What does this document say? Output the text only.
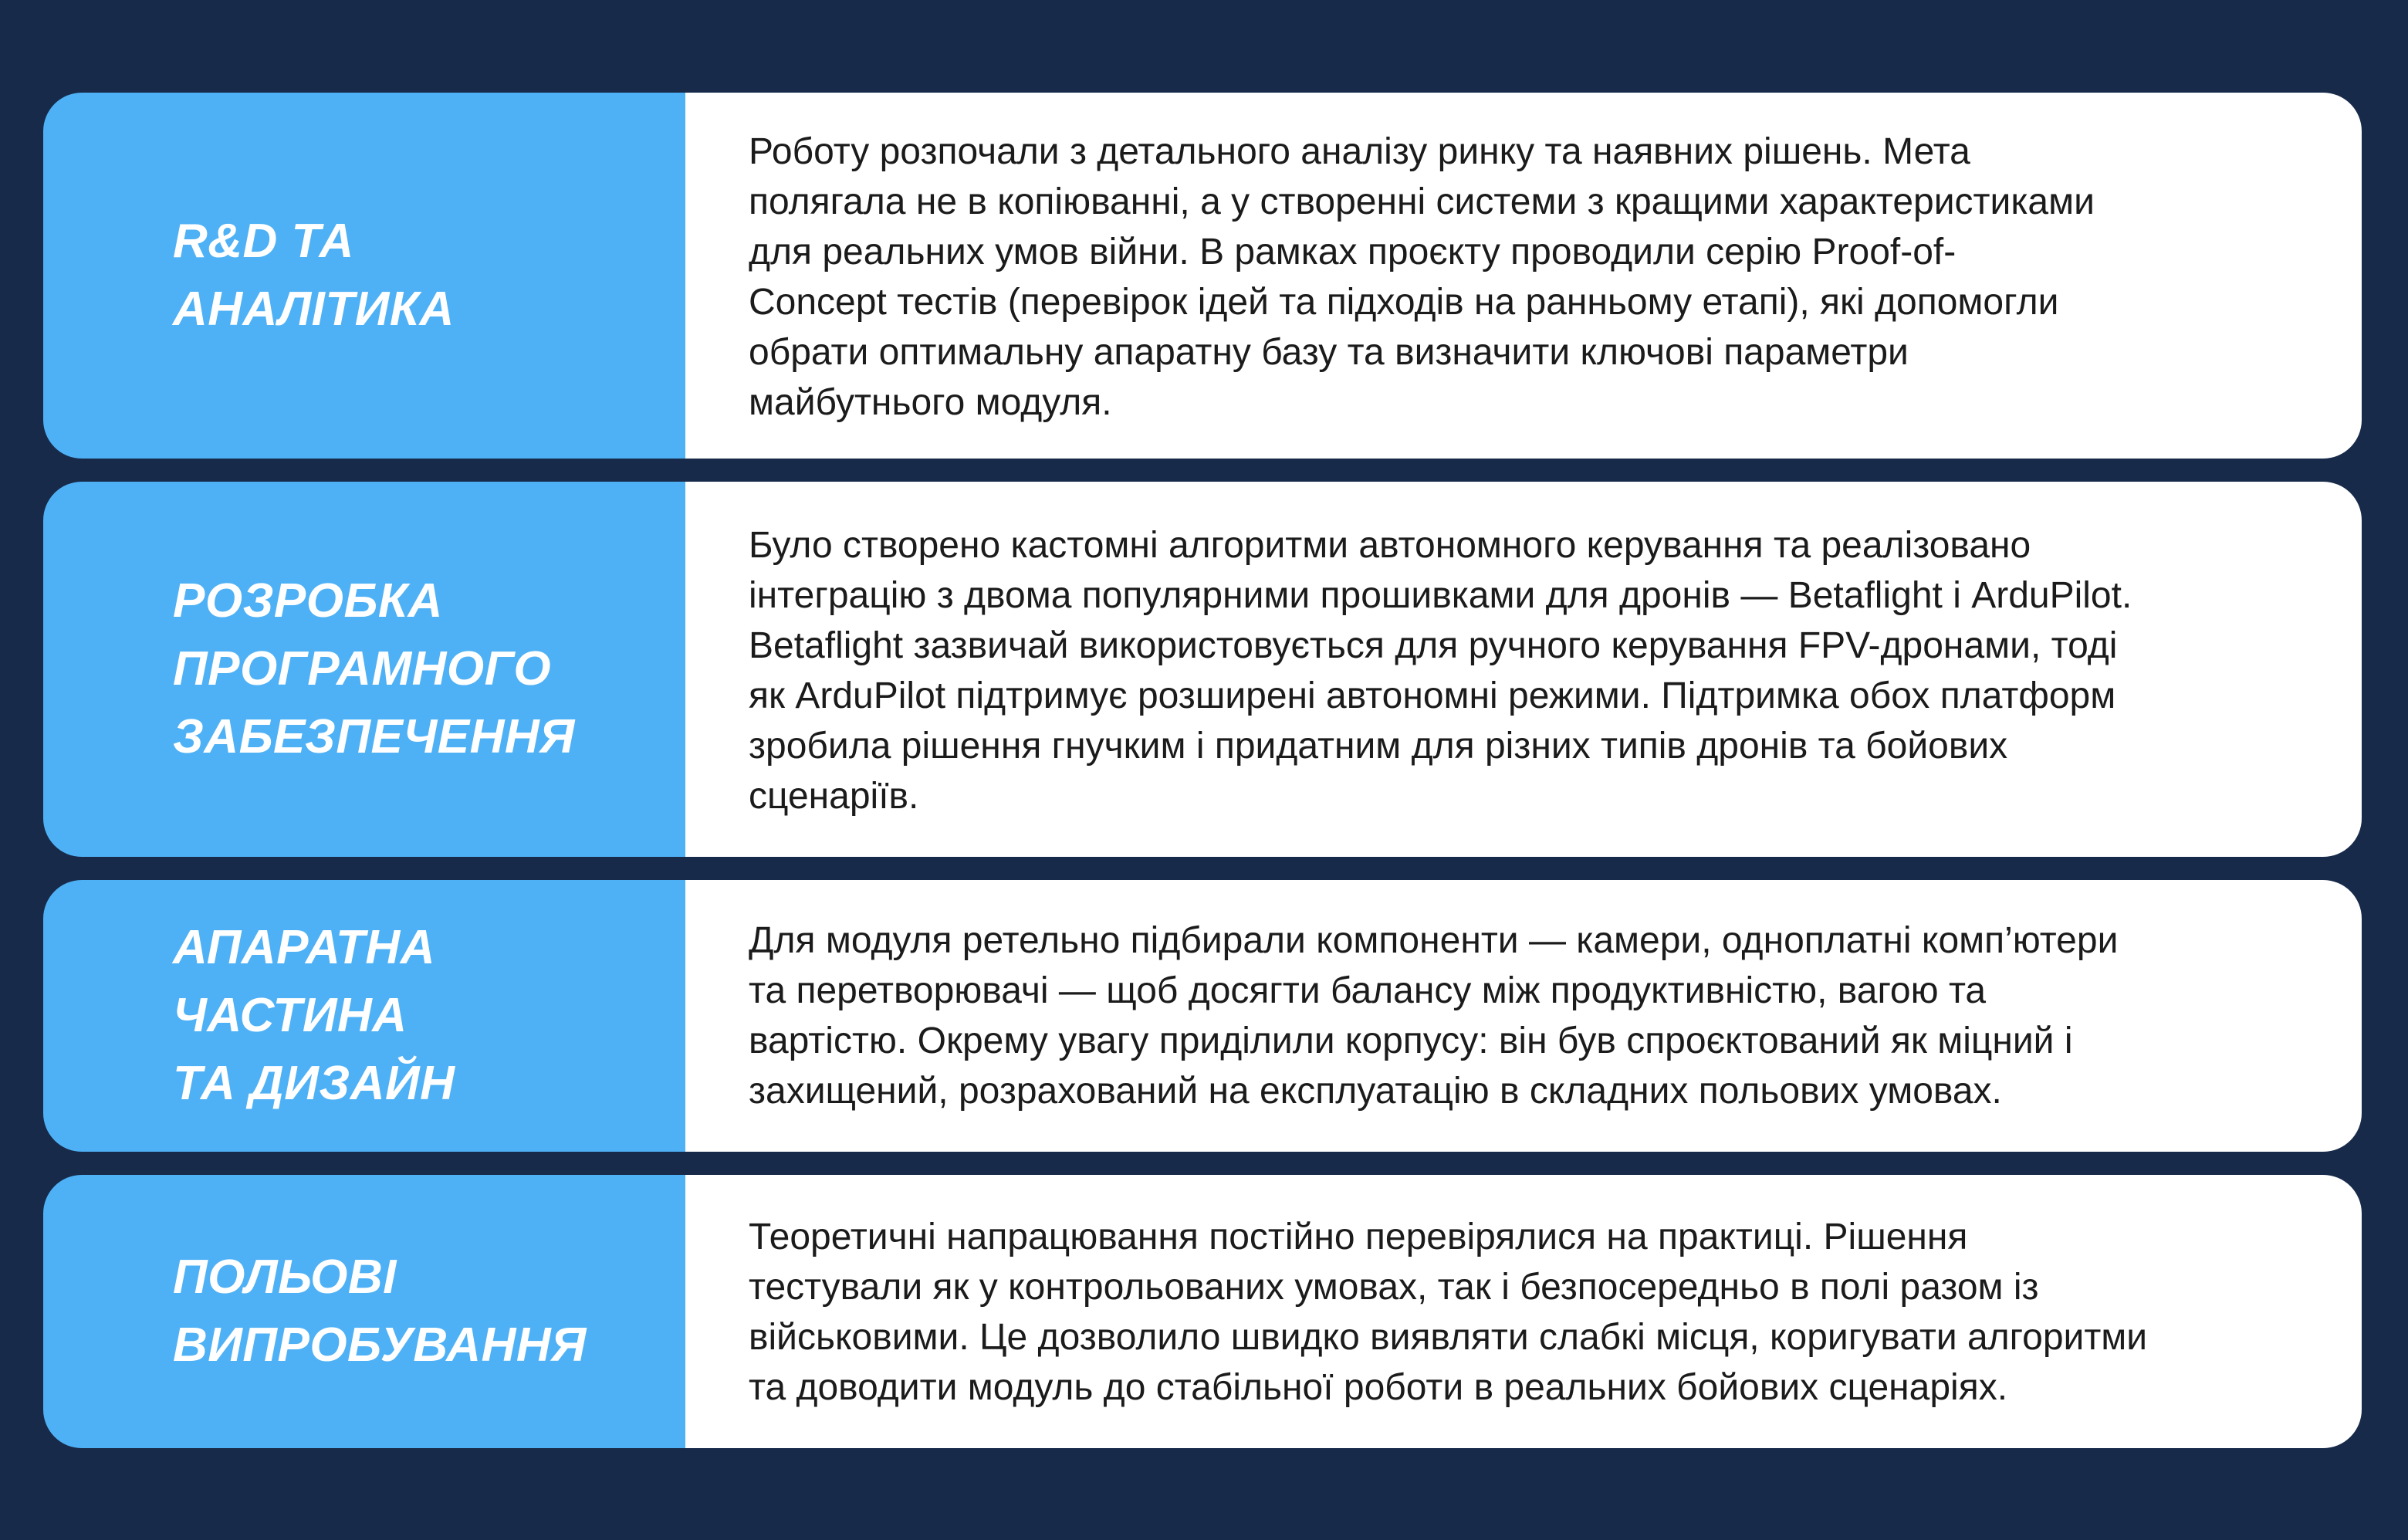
R&D ТА
АНАЛІТИКА
Роботу розпочали з детального аналізу ринку та наявних рішень. Мета
полягала не в копіюванні, а у створенні системи з кращими характеристиками
для реальних умов війни. В рамках проєкту проводили серію Proof-of-
Concept тестів (перевірок ідей та підходів на ранньому етапі), які допомогли
обрати оптимальну апаратну базу та визначити ключові параметри
майбутнього модуля.
РОЗРОБКА
ПРОГРАМНОГО
ЗАБЕЗПЕЧЕННЯ
Було створено кастомні алгоритми автономного керування та реалізовано
інтеграцію з двома популярними прошивками для дронів — Betaflight і ArduPilot.
Betaflight зазвичай використовується для ручного керування FPV-дронами, тоді
як ArduPilot підтримує розширені автономні режими. Підтримка обох платформ
зробила рішення гнучким і придатним для різних типів дронів та бойових
сценаріїв.
АПАРАТНА
ЧАСТИНА
ТА ДИЗАЙН
Для модуля ретельно підбирали компоненти — камери, одноплатні комп’ютери
та перетворювачі — щоб досягти балансу між продуктивністю, вагою та
вартістю. Окрему увагу приділили корпусу: він був спроєктований як міцний і
захищений, розрахований на експлуатацію в складних польових умовах.
ПОЛЬОВІ
ВИПРОБУВАННЯ
Теоретичні напрацювання постійно перевірялися на практиці. Рішення
тестували як у контрольованих умовах, так і безпосередньо в полі разом із
військовими. Це дозволило швидко виявляти слабкі місця, коригувати алгоритми
та доводити модуль до стабільної роботи в реальних бойових сценаріях.
